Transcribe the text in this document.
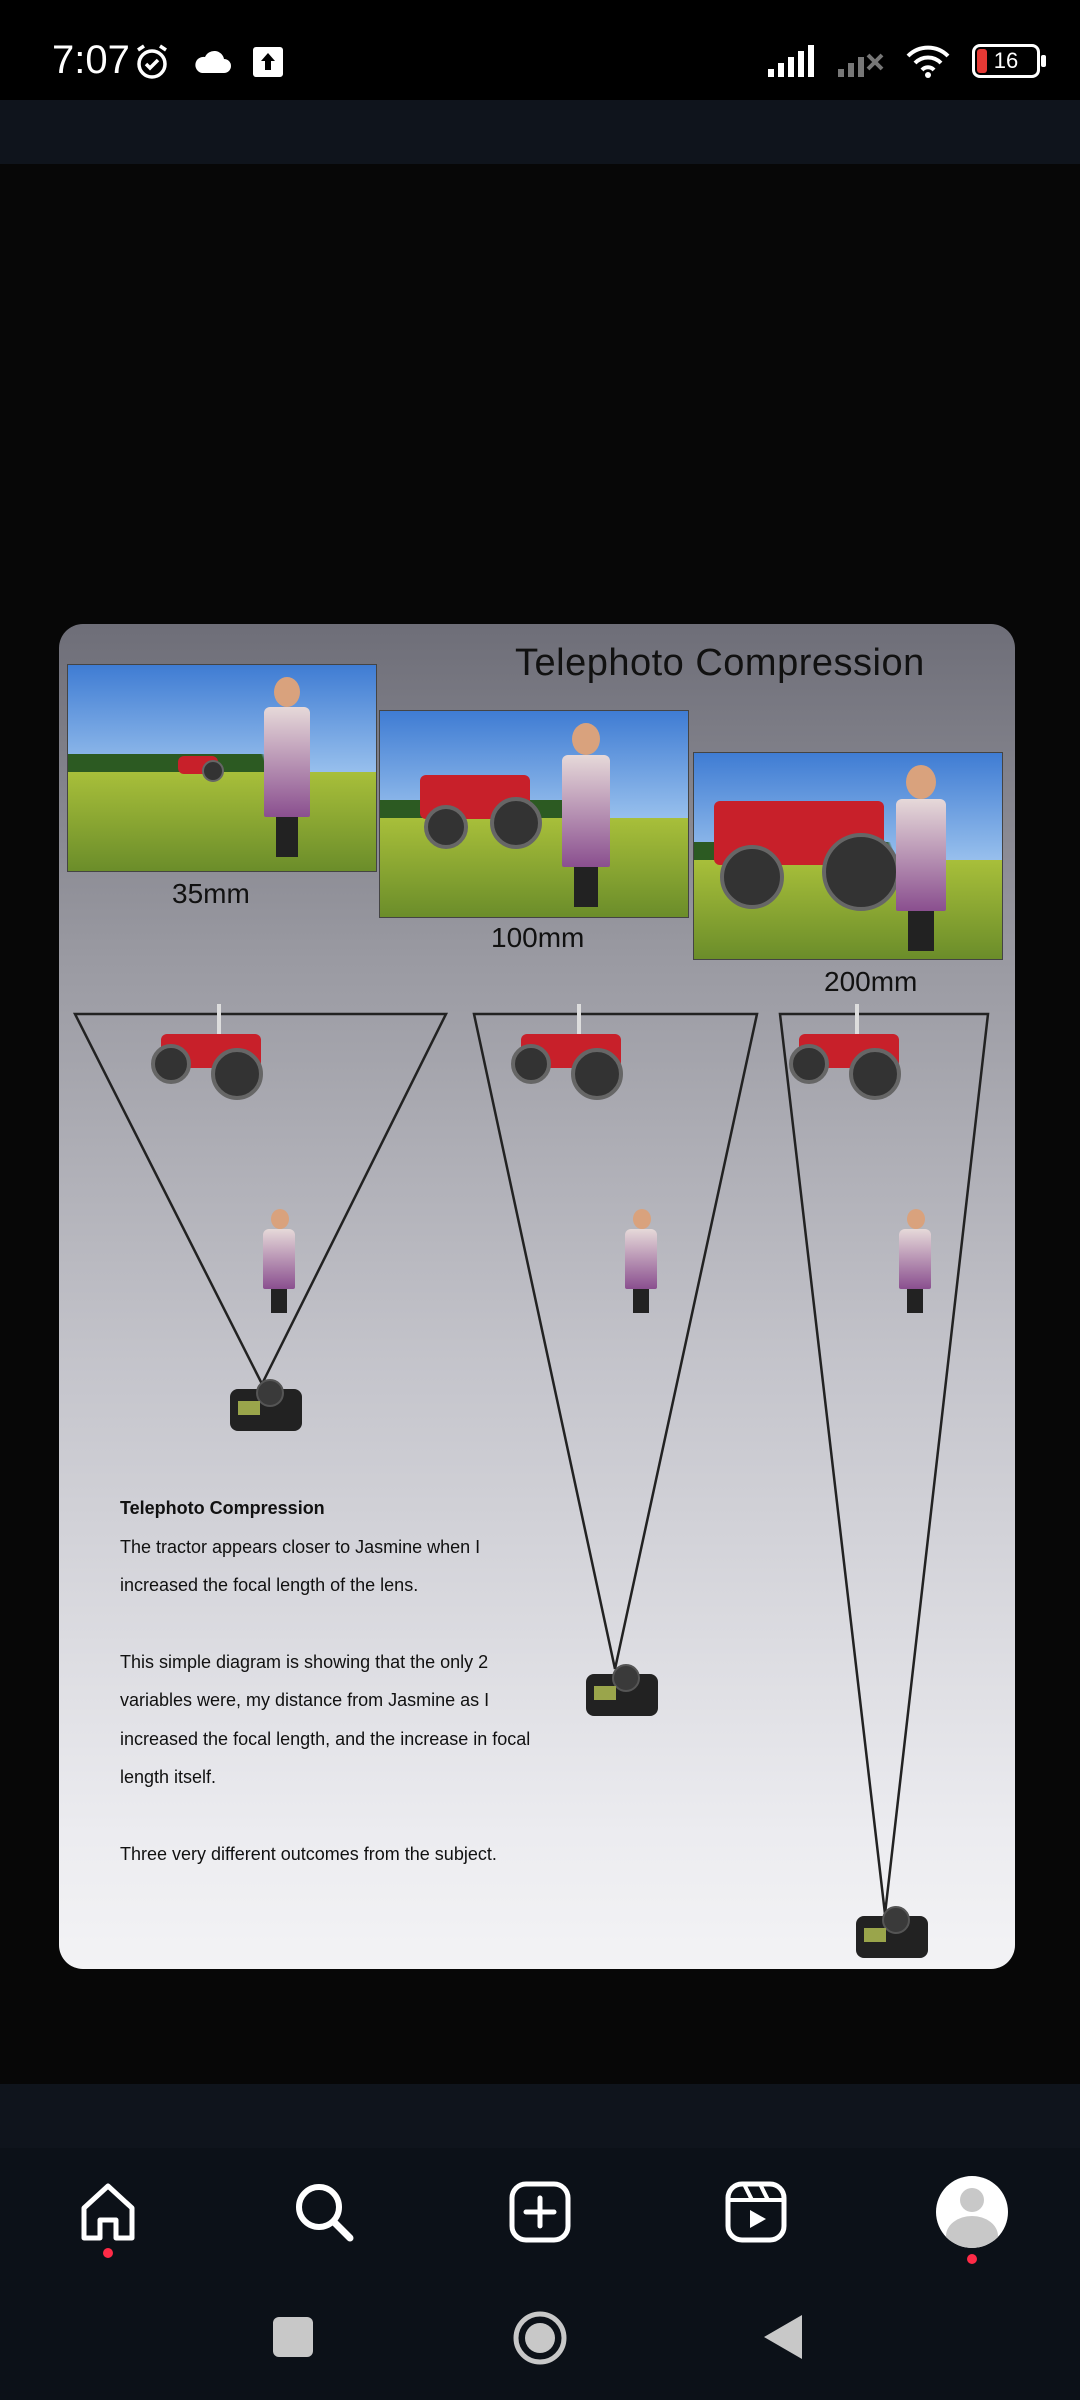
7:07	16
Telephoto Compression
35mm
100mm
200mm

Telephoto Compression

The tractor appears closer to Jasmine when I increased the focal length of the lens.

This simple diagram is showing that the only 2 variables were, my distance from Jasmine as I increased the focal length, and the increase in focal length itself.

Three very different outcomes from the subject.
